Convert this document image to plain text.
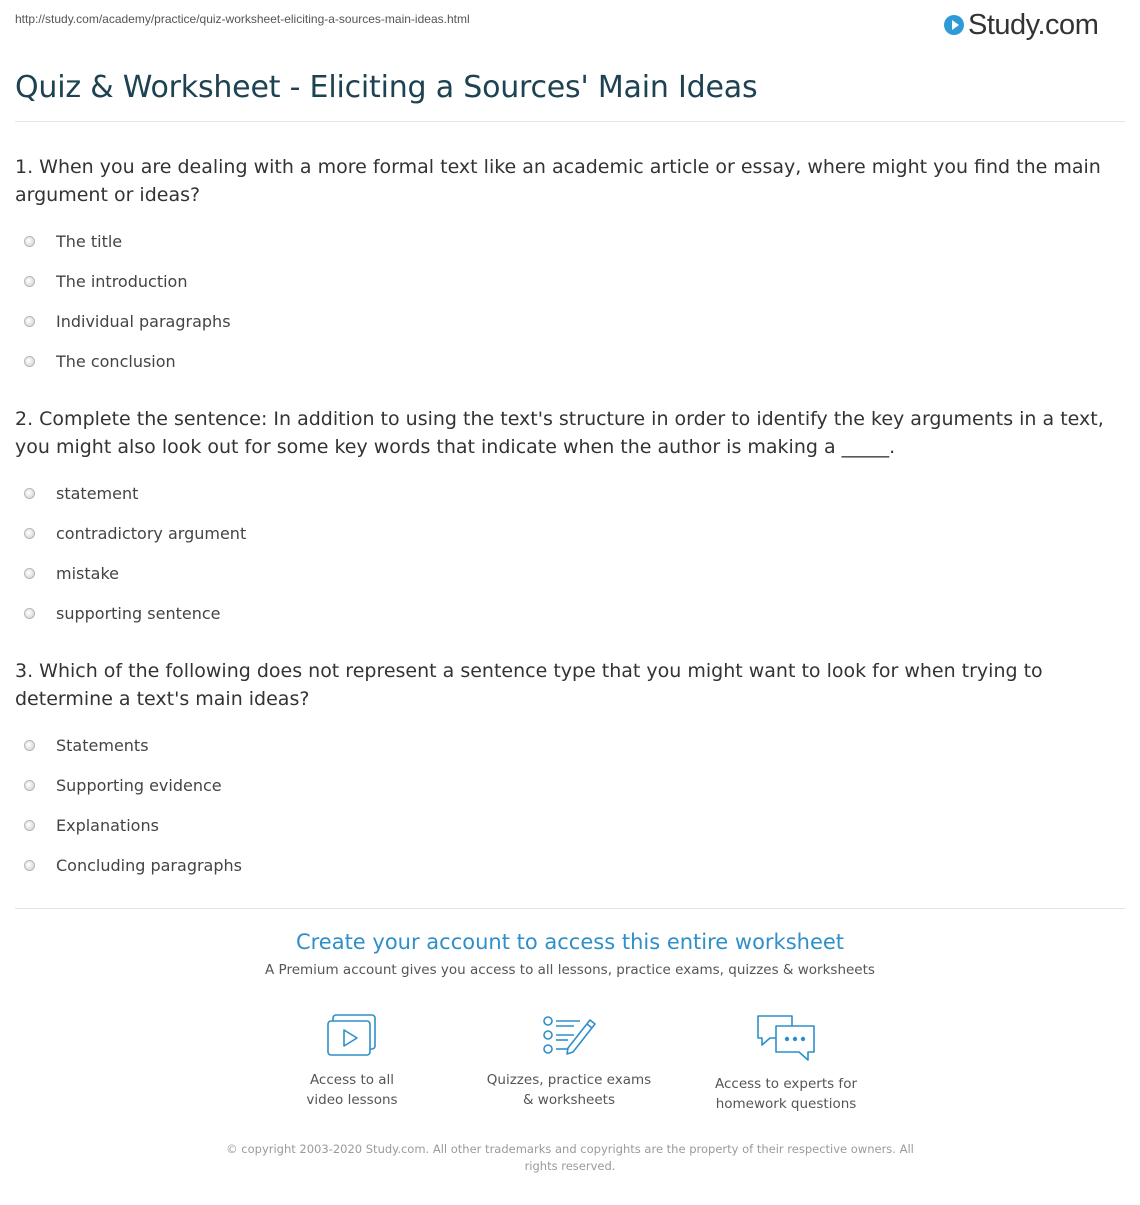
http://study.com/academy/practice/quiz-worksheet-eliciting-a-sources-main-ideas.html	Study.com
Quiz & Worksheet - Eliciting a Sources' Main Ideas

1. When you are dealing with a more formal text like an academic article or essay, where might you find the main argument or ideas?

The title
The introduction
Individual paragraphs
The conclusion

2. Complete the sentence: In addition to using the text's structure in order to identify the key arguments in a text, you might also look out for some key words that indicate when the author is making a _____.

statement
contradictory argument
mistake
supporting sentence

3. Which of the following does not represent a sentence type that you might want to look for when trying to determine a text's main ideas?

Statements
Supporting evidence
Explanations
Concluding paragraphs
Create your account to access this entire worksheet
A Premium account gives you access to all lessons, practice exams, quizzes & worksheets
Access to all
video lessons
Quizzes, practice exams
& worksheets
Access to experts for
homework questions
© copyright 2003-2020 Study.com. All other trademarks and copyrights are the property of their respective owners. All rights reserved.
